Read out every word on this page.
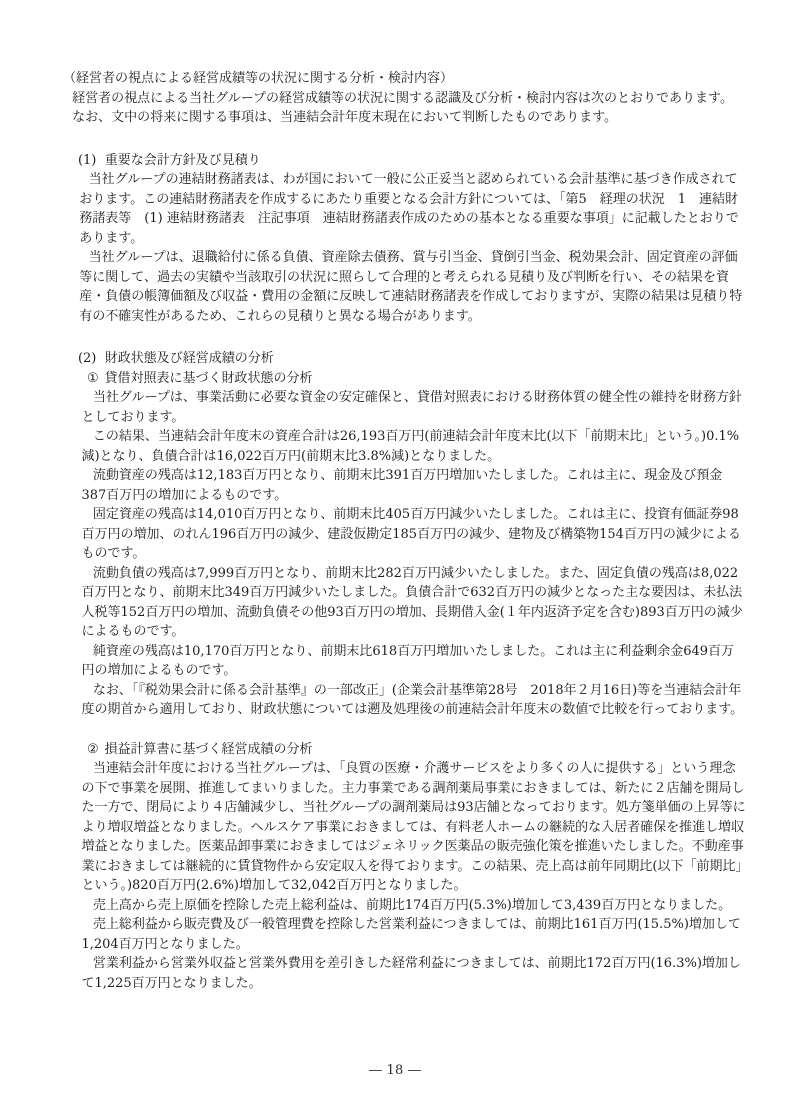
（経営者の視点による経営成績等の状況に関する分析・検討内容）

経営者の視点による当社グループの経営成績等の状況に関する認識及び分析・検討内容は次のとおりであります。

なお、文中の将来に関する事項は、当連結会計年度末現在において判断したものであります。

(1) 重要な会計方針及び見積り

当社グループの連結財務諸表は、わが国において一般に公正妥当と認められている会計基準に基づき作成されております。この連結財務諸表を作成するにあたり重要となる会計方針については、「第5　経理の状況　1　連結財務諸表等　(1) 連結財務諸表　注記事項　連結財務諸表作成のための基本となる重要な事項」に記載したとおりであります。

当社グループは、退職給付に係る負債、資産除去債務、賞与引当金、貸倒引当金、税効果会計、固定資産の評価等に関して、過去の実績や当該取引の状況に照らして合理的と考えられる見積り及び判断を行い、その結果を資産・負債の帳簿価額及び収益・費用の金額に反映して連結財務諸表を作成しておりますが、実際の結果は見積り特有の不確実性があるため、これらの見積りと異なる場合があります。

(2) 財政状態及び経営成績の分析
① 貸借対照表に基づく財政状態の分析

当社グループは、事業活動に必要な資金の安定確保と、貸借対照表における財務体質の健全性の維持を財務方針としております。

この結果、当連結会計年度末の資産合計は26,193百万円(前連結会計年度末比(以下「前期末比」という。)0.1%減)となり、負債合計は16,022百万円(前期末比3.8%減)となりました。

流動資産の残高は12,183百万円となり、前期末比391百万円増加いたしました。これは主に、現金及び預金387百万円の増加によるものです。

固定資産の残高は14,010百万円となり、前期末比405百万円減少いたしました。これは主に、投資有価証券98百万円の増加、のれん196百万円の減少、建設仮勘定185百万円の減少、建物及び構築物154百万円の減少によるものです。

流動負債の残高は7,999百万円となり、前期末比282百万円減少いたしました。また、固定負債の残高は8,022百万円となり、前期末比349百万円減少いたしました。負債合計で632百万円の減少となった主な要因は、未払法人税等152百万円の増加、流動負債その他93百万円の増加、長期借入金(１年内返済予定を含む)893百万円の減少によるものです。

純資産の残高は10,170百万円となり、前期末比618百万円増加いたしました。これは主に利益剰余金649百万円の増加によるものです。

なお、「『税効果会計に係る会計基準』の一部改正」(企業会計基準第28号　2018年２月16日)等を当連結会計年度の期首から適用しており、財政状態については遡及処理後の前連結会計年度末の数値で比較を行っております。

② 損益計算書に基づく経営成績の分析

当連結会計年度における当社グループは、「良質の医療・介護サービスをより多くの人に提供する」という理念の下で事業を展開、推進してまいりました。主力事業である調剤薬局事業におきましては、新たに２店舗を開局した一方で、閉局により４店舗減少し、当社グループの調剤薬局は93店舗となっております。処方箋単価の上昇等により増収増益となりました。ヘルスケア事業におきましては、有料老人ホームの継続的な入居者確保を推進し増収増益となりました。医薬品卸事業におきましてはジェネリック医薬品の販売強化策を推進いたしました。不動産事業におきましては継続的に賃貸物件から安定収入を得ております。この結果、売上高は前年同期比(以下「前期比」という。)820百万円(2.6%)増加して32,042百万円となりました。

売上高から売上原価を控除した売上総利益は、前期比174百万円(5.3%)増加して3,439百万円となりました。

売上総利益から販売費及び一般管理費を控除した営業利益につきましては、前期比161百万円(15.5%)増加して1,204百万円となりました。

営業利益から営業外収益と営業外費用を差引きした経常利益につきましては、前期比172百万円(16.3%)増加して1,225百万円となりました。

― 18 ―
